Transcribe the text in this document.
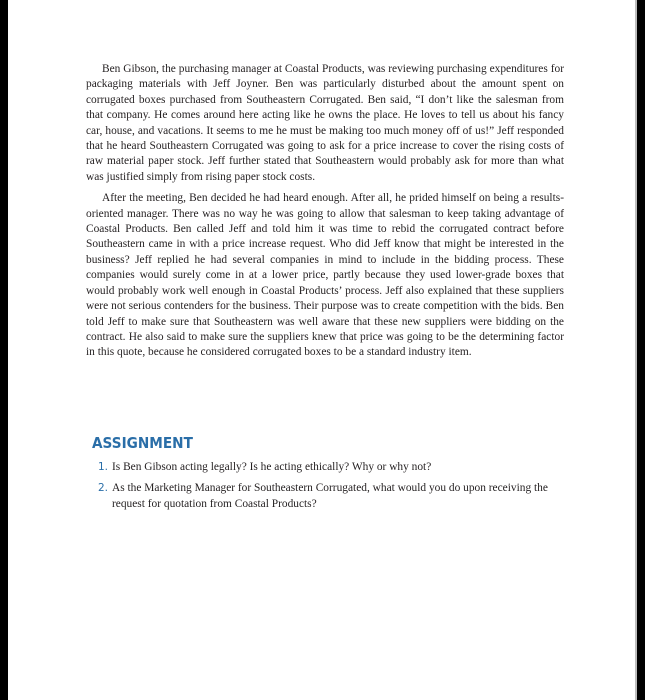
Ben Gibson, the purchasing manager at Coastal Products, was reviewing purchasing expenditures for packaging materials with Jeff Joyner. Ben was particularly disturbed about the amount spent on corrugated boxes purchased from Southeastern Corrugated. Ben said, “I don’t like the salesman from that company. He comes around here acting like he owns the place. He loves to tell us about his fancy car, house, and vacations. It seems to me he must be making too much money off of us!” Jeff responded that he heard Southeastern Corrugated was going to ask for a price increase to cover the rising costs of raw material paper stock. Jeff further stated that Southeastern would probably ask for more than what was justified simply from rising paper stock costs.

After the meeting, Ben decided he had heard enough. After all, he prided himself on being a results-oriented manager. There was no way he was going to allow that salesman to keep taking advantage of Coastal Products. Ben called Jeff and told him it was time to rebid the corrugated contract before Southeastern came in with a price increase request. Who did Jeff know that might be interested in the business? Jeff replied he had several companies in mind to include in the bidding process. These companies would surely come in at a lower price, partly because they used lower-grade boxes that would probably work well enough in Coastal Products’ process. Jeff also explained that these suppliers were not serious contenders for the business. Their purpose was to create competition with the bids. Ben told Jeff to make sure that Southeastern was well aware that these new suppliers were bidding on the contract. He also said to make sure the suppliers knew that price was going to be the determining factor in this quote, because he considered corrugated boxes to be a standard industry item.

ASSIGNMENT
1. Is Ben Gibson acting legally? Is he acting ethically? Why or why not?
2. As the Marketing Manager for Southeastern Corrugated, what would you do upon receiving the request for quotation from Coastal Products?
